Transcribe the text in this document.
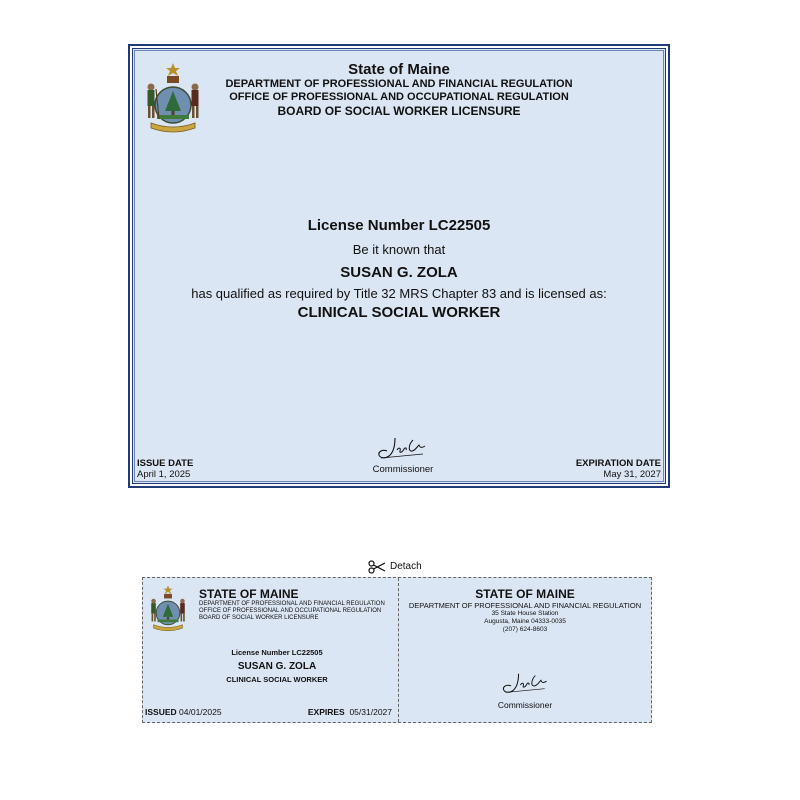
State of Maine
DEPARTMENT OF PROFESSIONAL AND FINANCIAL REGULATION
OFFICE OF PROFESSIONAL AND OCCUPATIONAL REGULATION
BOARD OF SOCIAL WORKER LICENSURE
License Number LC22505
Be it known that
SUSAN G. ZOLA
has qualified as required by Title 32 MRS Chapter 83 and is licensed as:
CLINICAL SOCIAL WORKER
ISSUE DATE
April 1, 2025	Commissioner
EXPIRATION DATE
May 31, 2027
Detach
STATE OF MAINE
DEPARTMENT OF PROFESSIONAL AND FINANCIAL REGULATION
OFFICE OF PROFESSIONAL AND OCCUPATIONAL REGULATION
BOARD OF SOCIAL WORKER LICENSURE
License Number LC22505
SUSAN G. ZOLA
CLINICAL SOCIAL WORKER
ISSUED 04/01/2025	EXPIRES 05/31/2027
STATE OF MAINE
DEPARTMENT OF PROFESSIONAL AND FINANCIAL REGULATION
35 State House Station
Augusta, Maine 04333-0035
(207) 624-8603
Commissioner
